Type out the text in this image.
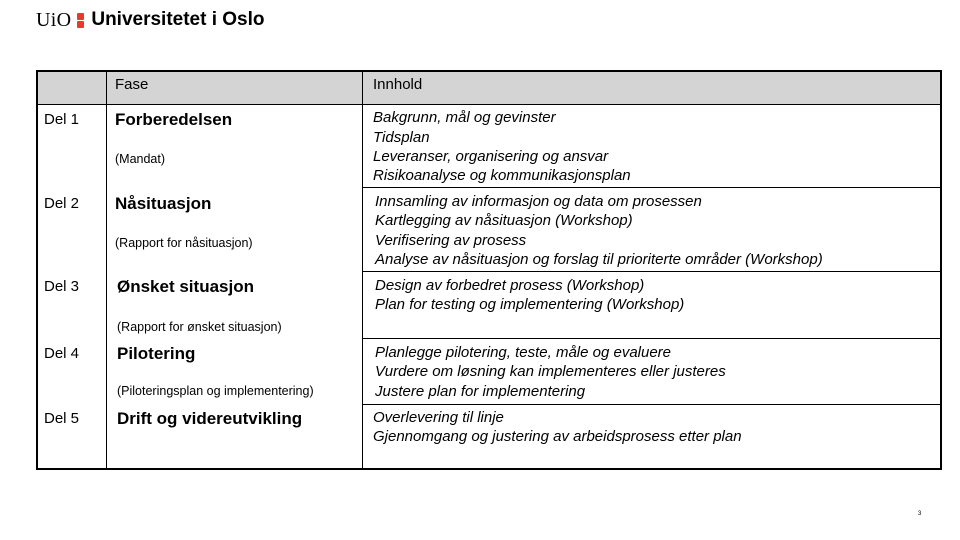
UiO Universitetet i Oslo
Fase	Innhold
Del 1 Forberedelsen
(Mandat)
Bakgrunn, mål og gevinster
Tidsplan
Leveranser, organisering og ansvar
Risikoanalyse og kommunikasjonsplan
Del 2 Nåsituasjon
(Rapport for nåsituasjon)
Innsamling av informasjon og data om prosessen
Kartlegging av nåsituasjon (Workshop)
Verifisering av prosess
Analyse av nåsituasjon og forslag til prioriterte områder (Workshop)
Del 3 Ønsket situasjon
(Rapport for ønsket situasjon)
Design av forbedret prosess (Workshop)
Plan for testing og implementering (Workshop)
Del 4 Pilotering
(Piloteringsplan og implementering)
Planlegge pilotering, teste, måle og evaluere
Vurdere om løsning kan implementeres eller justeres
Justere plan for implementering
Del 5 Drift og videreutvikling	Overlevering til linje
Gjennomgang og justering av arbeidsprosess etter plan
3
